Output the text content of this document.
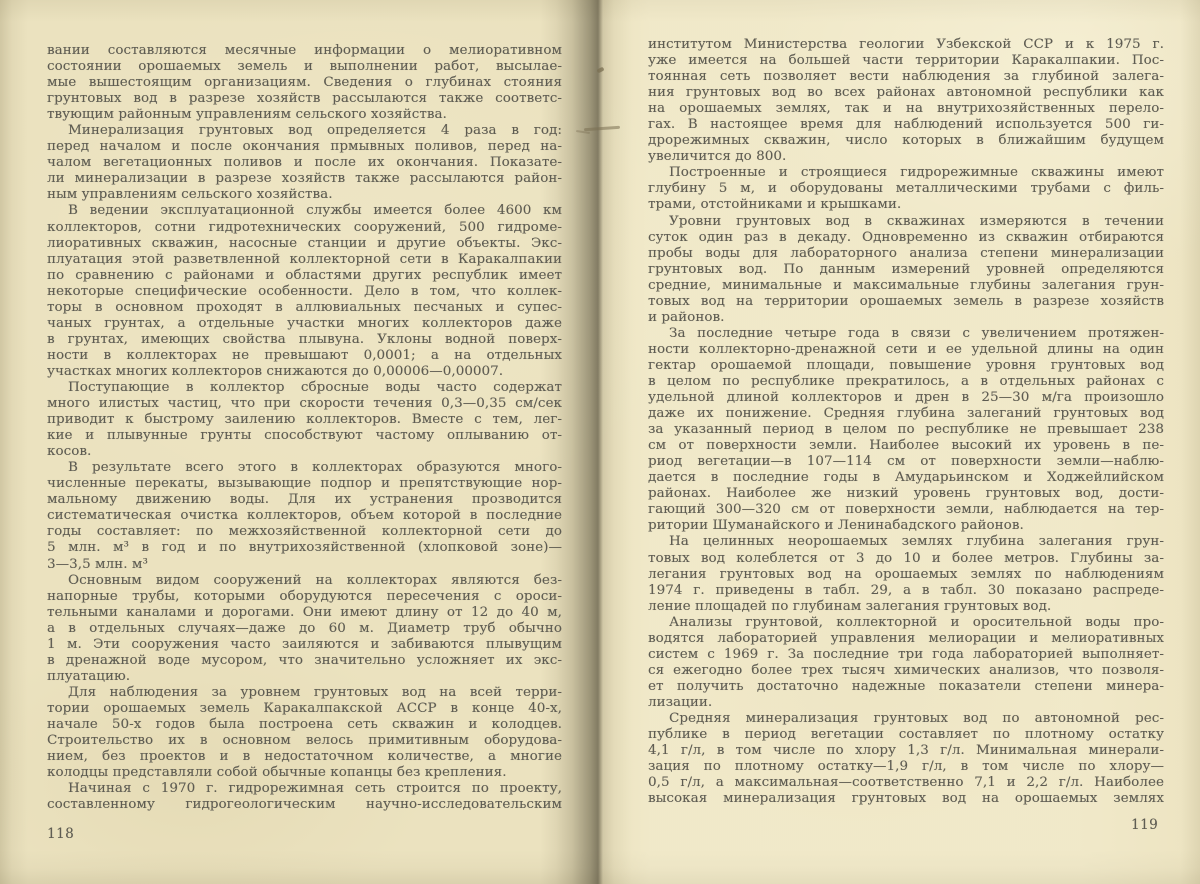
вании составляются месячные информации о мелиоративном
состоянии орошаемых земель и выполнении работ, высылае-
мые вышестоящим организациям. Сведения о глубинах стояния
грунтовых вод в разрезе хозяйств рассылаются также соответс-
твующим районным управлениям сельского хозяйства.
Минерализация грунтовых вод определяется 4 раза в год:
перед началом и после окончания прмывных поливов, перед на-
чалом вегетационных поливов и после их окончания. Показате-
ли минерализации в разрезе хозяйств также рассылаются район-
ным управлениям сельского хозяйства.
В ведении эксплуатационной службы имеется более 4600 км
коллекторов, сотни гидротехнических сооружений, 500 гидроме-
лиоративных скважин, насосные станции и другие объекты. Экс-
плуатация этой разветвленной коллекторной сети в Каракалпакии
по сравнению с районами и областями других республик имеет
некоторые специфические особенности. Дело в том, что коллек-
торы в основном проходят в аллювиальных песчаных и супес-
чаных грунтах, а отдельные участки многих коллекторов даже
в грунтах, имеющих свойства плывуна. Уклоны водной поверх-
ности в коллекторах не превышают 0,0001; а на отдельных
участках многих коллекторов снижаются до 0,00006—0,00007.
Поступающие в коллектор сбросные воды часто содержат
много илистых частиц, что при скорости течения 0,3—0,35 см/сек
приводит к быстрому заилению коллекторов. Вместе с тем, лег-
кие и плывунные грунты способствуют частому оплыванию от-
косов.
В результате всего этого в коллекторах образуются много-
численные перекаты, вызывающие подпор и препятствующие нор-
мальному движению воды. Для их устранения прозводится
систематическая очистка коллекторов, объем которой в последние
годы составляет: по межхозяйственной коллекторной сети до
5 млн. м³ в год и по внутрихозяйственной (хлопковой зоне)—
3—3,5 млн. м³
Основным видом сооружений на коллекторах являются без-
напорные трубы, которыми оборудуются пересечения с ороси-
тельными каналами и дорогами. Они имеют длину от 12 до 40 м,
а в отдельных случаях—даже до 60 м. Диаметр труб обычно
1 м. Эти сооружения часто заиляются и забиваются плывущим
в дренажной воде мусором, что значительно усложняет их экс-
плуатацию.
Для наблюдения за уровнем грунтовых вод на всей терри-
тории орошаемых земель Каракалпакской АССР в конце 40-х,
начале 50-х годов была построена сеть скважин и колодцев.
Строительство их в основном велось примитивным оборудова-
нием, без проектов и в недостаточном количестве, а многие
колодцы представляли собой обычные копанцы без крепления.
Начиная с 1970 г. гидрорежимная сеть строится по проекту,
составленному гидрогеологическим научно-исследовательским
институтом Министерства геологии Узбекской ССР и к 1975 г.
уже имеется на большей части территории Каракалпакии. Пос-
тоянная сеть позволяет вести наблюдения за глубиной залега-
ния грунтовых вод во всех районах автономной республики как
на орошаемых землях, так и на внутрихозяйственных перело-
гах. В настоящее время для наблюдений используется 500 ги-
дрорежимных скважин, число которых в ближайшим будущем
увеличится до 800.
Построенные и строящиеся гидрорежимные скважины имеют
глубину 5 м, и оборудованы металлическими трубами с филь-
трами, отстойниками и крышками.
Уровни грунтовых вод в скважинах измеряются в течении
суток один раз в декаду. Одновременно из скважин отбираются
пробы воды для лабораторного анализа степени минерализации
грунтовых вод. По данным измерений уровней определяются
средние, минимальные и максимальные глубины залегания грун-
товых вод на территории орошаемых земель в разрезе хозяйств
и районов.
За последние четыре года в связи с увеличением протяжен-
ности коллекторно-дренажной сети и ее удельной длины на один
гектар орошаемой площади, повышение уровня грунтовых вод
в целом по республике прекратилось, а в отдельных районах с
удельной длиной коллекторов и дрен в 25—30 м/га произошло
даже их понижение. Средняя глубина залеганий грунтовых вод
за указанный период в целом по республике не превышает 238
см от поверхности земли. Наиболее высокий их уровень в пе-
риод вегетации—в 107—114 см от поверхности земли—наблю-
дается в последние годы в Амударьинском и Ходжейлийском
районах. Наиболее же низкий уровень грунтовых вод, дости-
гающий 300—320 см от поверхности земли, наблюдается на тер-
ритории Шуманайского и Ленинабадского районов.
На целинных неорошаемых землях глубина залегания грун-
товых вод колеблется от 3 до 10 и более метров. Глубины за-
легания грунтовых вод на орошаемых землях по наблюдениям
1974 г. приведены в табл. 29, а в табл. 30 показано распреде-
ление площадей по глубинам залегания грунтовых вод.
Анализы грунтовой, коллекторной и оросительной воды про-
водятся лабораторией управления мелиорации и мелиоративных
систем с 1969 г. За последние три года лабораторией выполняет-
ся ежегодно более трех тысяч химических анализов, что позволя-
ет получить достаточно надежные показатели степени минера-
лизации.
Средняя минерализация грунтовых вод по автономной рес-
публике в период вегетации составляет по плотному остатку
4,1 г/л, в том числе по хлору 1,3 г/л. Минимальная минерали-
зация по плотному остатку—1,9 г/л, в том числе по хлору—
0,5 г/л, а максимальная—соответственно 7,1 и 2,2 г/л. Наиболее
высокая минерализация грунтовых вод на орошаемых землях
118
119
